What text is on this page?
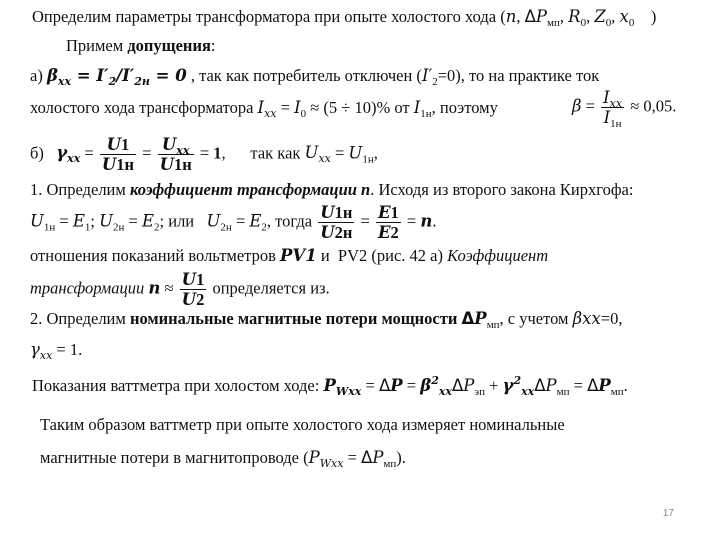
Определим параметры трансформатора при опыте холостого хода (n, $\Delta P_{мп}$, $R_0$, $Z_0$, $x_0$    )
Примем допущения:
а) $\beta_{xx} = I'_2/I'_{2н} = 0$ , так как потребитель отключен $(I'_2=0)$, то на практике ток
холостого хода трансформатора $I_{xx} = I_0 \approx (5 \div 10)\%$ от $I_{1н}$, поэтому	$\beta = \frac{I_{xx}}{I_{1н}} \approx 0,05$.
б) $\gamma_{xx} = \frac{U1}{U1н} = \frac{U_{xx}}{U1н} = 1$,      так как $U_{xx} = U_{1н}$,
1. Определим коэффициент трансформации n. Исходя из второго закона Кирхгофа:
$U_{1н} = E_1$; $U_{2н} = E_2$; или   $U_{2н} = E_2$, тогда $\frac{U1н}{U2н} = \frac{E1}{E2} = n$.
отношения показаний вольтметров PV1 и PV2 (рис. 42 а) Коэффициент
трансформации $n \approx \frac{U1}{U2}$ определяется из.
2. Определим номинальные магнитные потери мощности $\Delta P_{мп}$, с учетом βxx=0,
$\gamma_{xx} = 1$.
Показания ваттметра при холостом ходе: $P_{Wxx} = \Delta P = \beta^2_{xx}\Delta P_{эп} + \gamma^2_{xx}\Delta P_{мп} = \Delta P_{мп}$.
Таким образом ваттметр при опыте холостого хода измеряет номинальные
магнитные потери в магнитопроводе $(P_{Wxx} = \Delta P_{мп})$.
17
